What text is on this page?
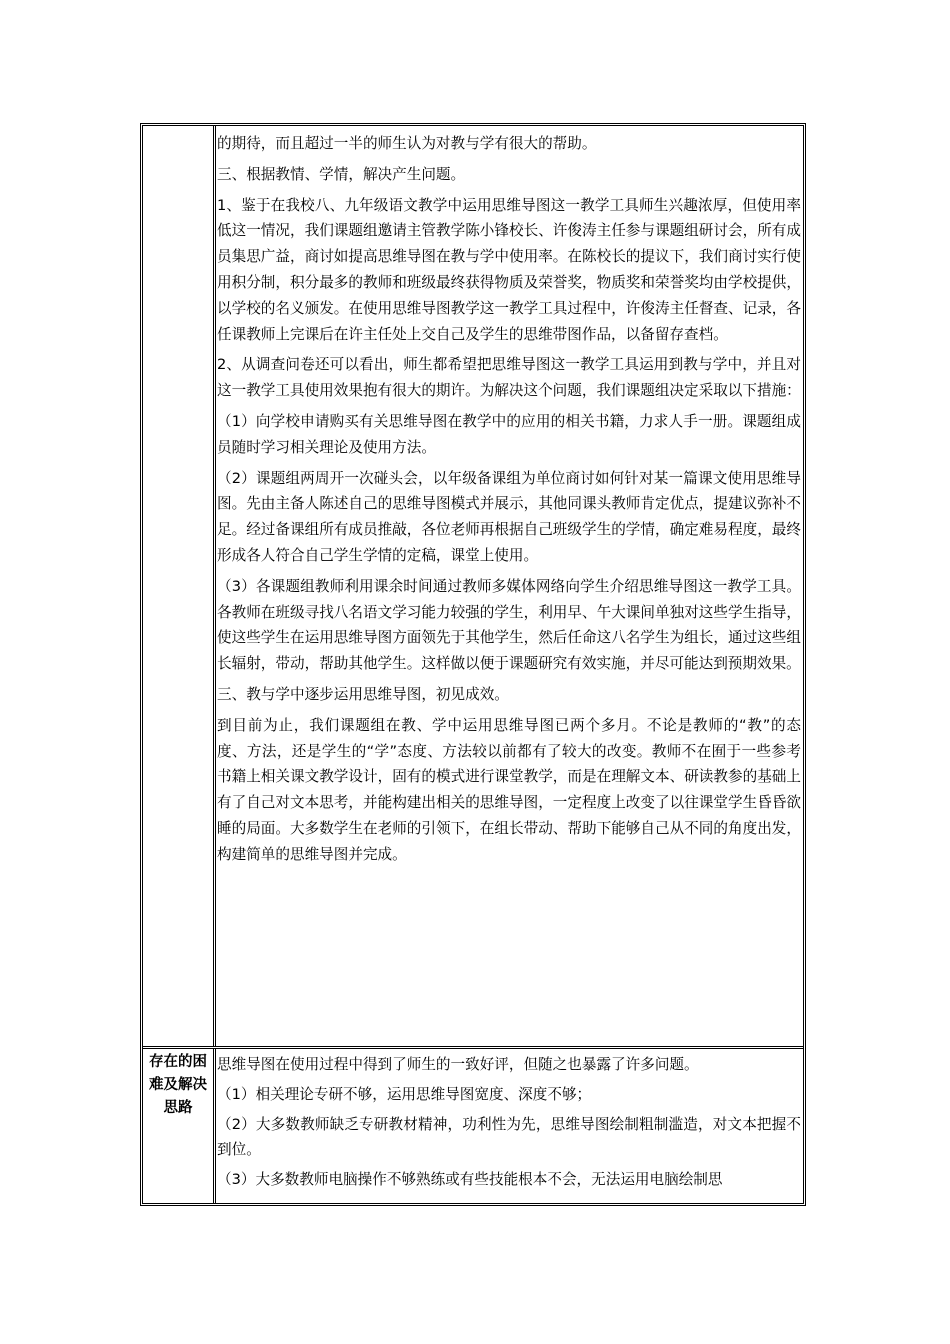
的期待，而且超过一半的师生认为对教与学有很大的帮助。

三、根据教情、学情，解决产生问题。

1、鉴于在我校八、九年级语文教学中运用思维导图这一教学工具师生兴趣浓厚，但使用率低这一情况，我们课题组邀请主管教学陈小锋校长、许俊涛主任参与课题组研讨会，所有成员集思广益，商讨如提高思维导图在教与学中使用率。在陈校长的提议下，我们商讨实行使用积分制，积分最多的教师和班级最终获得物质及荣誉奖，物质奖和荣誉奖均由学校提供，以学校的名义颁发。在使用思维导图教学这一教学工具过程中，许俊涛主任督查、记录，各任课教师上完课后在许主任处上交自己及学生的思维带图作品，以备留存查档。

2、从调查问卷还可以看出，师生都希望把思维导图这一教学工具运用到教与学中，并且对这一教学工具使用效果抱有很大的期许。为解决这个问题，我们课题组决定采取以下措施：

（1）向学校申请购买有关思维导图在教学中的应用的相关书籍，力求人手一册。课题组成员随时学习相关理论及使用方法。

（2）课题组两周开一次碰头会，以年级备课组为单位商讨如何针对某一篇课文使用思维导图。先由主备人陈述自己的思维导图模式并展示，其他同课头教师肯定优点，提建议弥补不足。经过备课组所有成员推敲，各位老师再根据自己班级学生的学情，确定难易程度，最终形成各人符合自己学生学情的定稿，课堂上使用。

（3）各课题组教师利用课余时间通过教师多媒体网络向学生介绍思维导图这一教学工具。各教师在班级寻找八名语文学习能力较强的学生，利用早、午大课间单独对这些学生指导，使这些学生在运用思维导图方面领先于其他学生，然后任命这八名学生为组长，通过这些组长辐射，带动，帮助其他学生。这样做以便于课题研究有效实施，并尽可能达到预期效果。

三、教与学中逐步运用思维导图，初见成效。

到目前为止，我们课题组在教、学中运用思维导图已两个多月。不论是教师的“教”的态度、方法，还是学生的“学”态度、方法较以前都有了较大的改变。教师不在囿于一些参考书籍上相关课文教学设计，固有的模式进行课堂教学，而是在理解文本、研读教参的基础上有了自己对文本思考，并能构建出相关的思维导图，一定程度上改变了以往课堂学生昏昏欲睡的局面。大多数学生在老师的引领下，在组长带动、帮助下能够自己从不同的角度出发，构建简单的思维导图并完成。

存在的困难及解决思路

思维导图在使用过程中得到了师生的一致好评，但随之也暴露了许多问题。

（1）相关理论专研不够，运用思维导图宽度、深度不够；

（2）大多数教师缺乏专研教材精神，功利性为先，思维导图绘制粗制滥造，对文本把握不到位。

（3）大多数教师电脑操作不够熟练或有些技能根本不会，无法运用电脑绘制思
